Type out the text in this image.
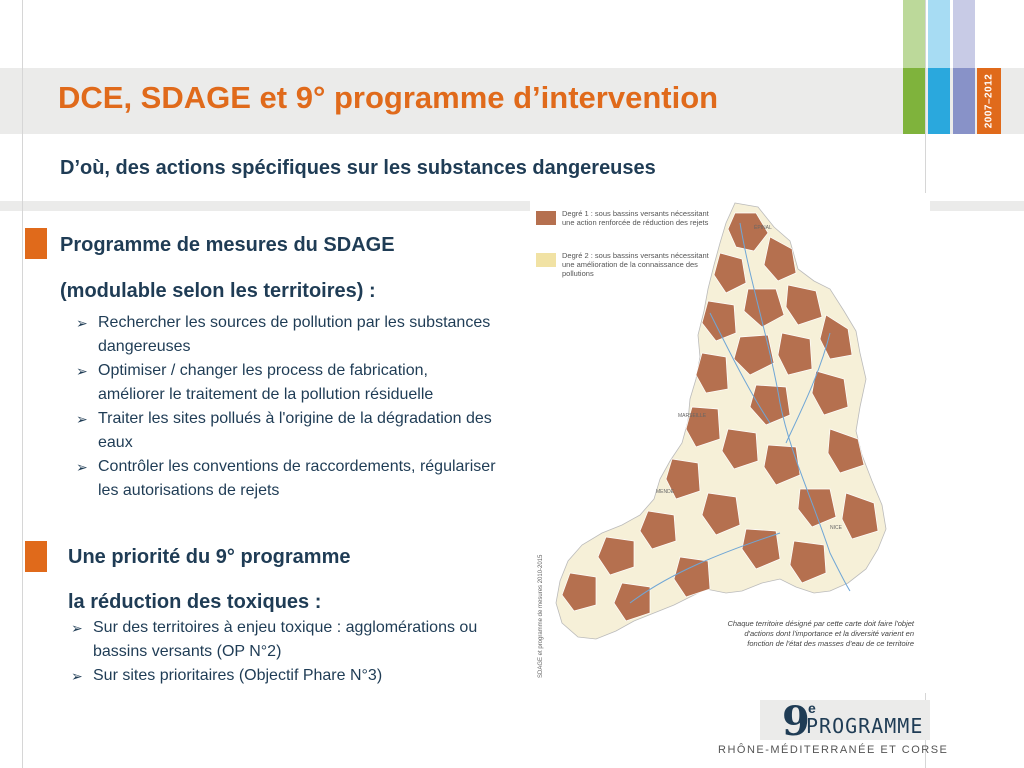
2007–2012
DCE, SDAGE et 9° programme d’intervention
D’où, des actions spécifiques sur les substances dangereuses
Programme de mesures du SDAGE
(modulable selon les territoires) :
➢ Rechercher les sources de pollution par les substances dangereuses
➢ Optimiser / changer les process de fabrication, améliorer le traitement de la pollution résiduelle
➢ Traiter les sites pollués à l'origine de la dégradation des eaux
➢ Contrôler les conventions de raccordements, régulariser les autorisations de rejets
Une priorité du 9° programme
la réduction des toxiques :
➢ Sur des territoires à enjeu toxique : agglomérations ou bassins versants (OP N°2)
➢ Sur sites prioritaires (Objectif Phare N°3)
ÉPINAL
MARSEILLE
MENDE
NICE
Degré 1 : sous bassins versants nécessitant une action renforcée de réduction des rejets
Degré 2 : sous bassins versants nécessitant une amélioration de la connaissance des pollutions
Chaque territoire désigné par cette carte doit faire l'objet d'actions dont l'importance et la diversité varient en fonction de l'état des masses d'eau de ce territoire
SDAGE et programme de mesures 2010-2015
9
e
PROGRAMME
RHÔNE-MÉDITERRANÉE ET CORSE
